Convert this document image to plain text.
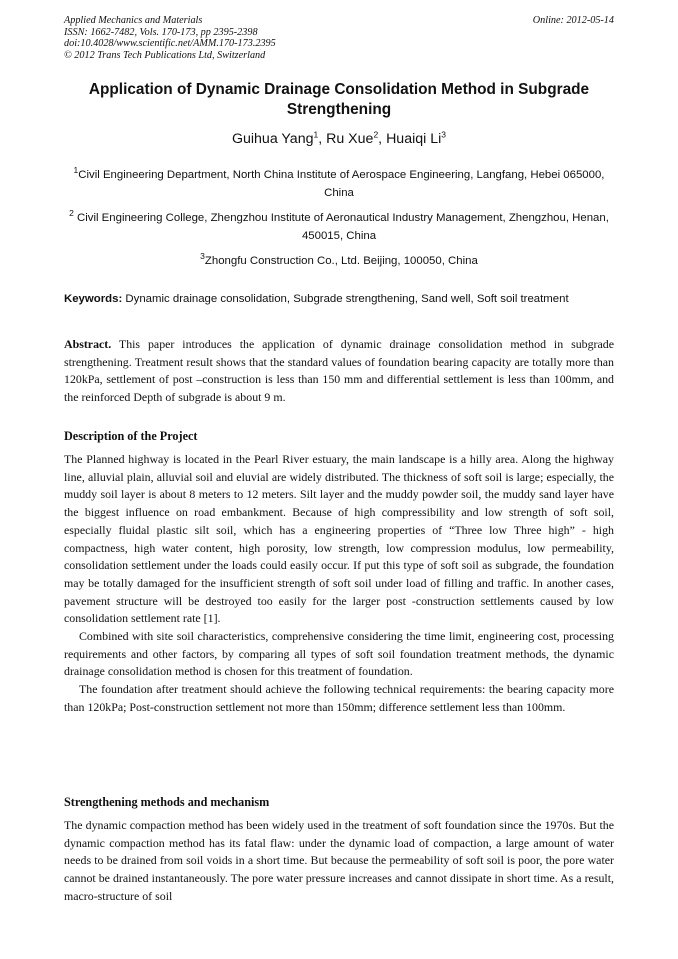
Applied Mechanics and Materials
ISSN: 1662-7482, Vols. 170-173, pp 2395-2398
doi:10.4028/www.scientific.net/AMM.170-173.2395
© 2012 Trans Tech Publications Ltd, Switzerland
Online: 2012-05-14
Application of Dynamic Drainage Consolidation Method in Subgrade Strengthening
Guihua Yang$^1$, Ru Xue$^2$, Huaiqi Li$^3$
$^1$Civil Engineering Department, North China Institute of Aerospace Engineering, Langfang, Hebei 065000, China
$^2$ Civil Engineering College, Zhengzhou Institute of Aeronautical Industry Management, Zhengzhou, Henan, 450015, China
$^3$Zhongfu Construction Co., Ltd. Beijing, 100050, China
Keywords: Dynamic drainage consolidation, Subgrade strengthening, Sand well, Soft soil treatment
Abstract. This paper introduces the application of dynamic drainage consolidation method in subgrade strengthening. Treatment result shows that the standard values of foundation bearing capacity are totally more than 120kPa, settlement of post –construction is less than 150 mm and differential settlement is less than 100mm, and the reinforced Depth of subgrade is about 9 m.
Description of the Project

The Planned highway is located in the Pearl River estuary, the main landscape is a hilly area. Along the highway line, alluvial plain, alluvial soil and eluvial are widely distributed. The thickness of soft soil is large; especially, the muddy soil layer is about 8 meters to 12 meters. Silt layer and the muddy powder soil, the muddy sand layer have the biggest influence on road embankment. Because of high compressibility and low strength of soft soil, especially fluidal plastic silt soil, which has a engineering properties of “Three low Three high” - high compactness, high water content, high porosity, low strength, low compression modulus, low permeability, consolidation settlement under the loads could easily occur. If put this type of soft soil as subgrade, the foundation may be totally damaged for the insufficient strength of soft soil under load of filling and traffic. In another cases, pavement structure will be destroyed too easily for the larger post -construction settlements caused by low consolidation settlement rate [1].

Combined with site soil characteristics, comprehensive considering the time limit, engineering cost, processing requirements and other factors, by comparing all types of soft soil foundation treatment methods, the dynamic drainage consolidation method is chosen for this treatment of foundation.

The foundation after treatment should achieve the following technical requirements: the bearing capacity more than 120kPa; Post-construction settlement not more than 150mm; difference settlement less than 100mm.

Strengthening methods and mechanism

The dynamic compaction method has been widely used in the treatment of soft foundation since the 1970s. But the dynamic compaction method has its fatal flaw: under the dynamic load of compaction, a large amount of water needs to be drained from soil voids in a short time. But because the permeability of soft soil is poor, the pore water cannot be drained instantaneously. The pore water pressure increases and cannot dissipate in short time. As a result, macro-structure of soil
